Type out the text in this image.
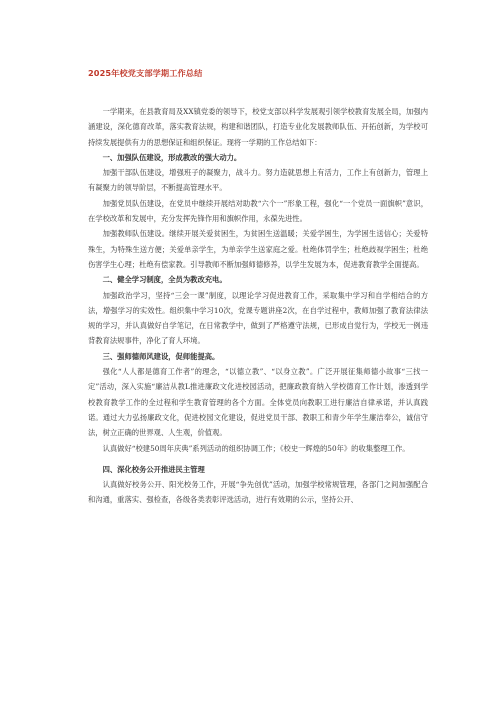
2025年校党支部学期工作总结

一学期来，在县教育局及XX镇党委的领导下，校党支部以科学发展观引领学校教育发展全局，加强内涵建设，深化德育改革，落实教育法规，构建和谐团队，打造专业化发展教师队伍、开拓创新，为学校可持续发展提供有力的思想保证和组织保证。现将一学期的工作总结如下：

一、加强队伍建设，形成教改的强大动力。

加强干部队伍建设，增强班子的凝聚力，战斗力。努力造就思想上有活力，工作上有创新力，管理上有凝聚力的领导阶层，不断提高管理水平。

加强党员队伍建设，在党员中继续开展结对助教“六个一”形象工程，强化“一个党员一面旗帜”意识，在学校改革和发展中，充分发挥先锋作用和旗帜作用，永葆先进性。

加强教师队伍建设。继续开展关爱贫困生，为贫困生送温暖；关爱学困生，为学困生送信心；关爱特殊生，为特殊生送方便；关爱单亲学生，为单亲学生送家庭之爱。杜绝体罚学生；杜绝歧视学困生；杜绝伤害学生心理；杜绝有偿家教。引导教师不断加强师德修养，以学生发展为本，促进教育教学全面提高。

二、健全学习制度，全员为教改充电。

加强政治学习，坚持“三会一课”制度，以理论学习促进教育工作，采取集中学习和自学相结合的方法，增强学习的实效性。组织集中学习10次，党课专题讲座2次，在自学过程中，教师加强了教育法律法规的学习，并认真做好自学笔记，在日常教学中，做到了严格遵守法规，已形成自觉行为，学校无一例违背教育法规事件，净化了育人环境。

三、强师德师风建设，促师能提高。

强化“人人都是德育工作者”的理念，“以德立教”、“以身立教”。广泛开展征集师德小故事“三找一定”活动，深入实施“廉洁从教L推进廉政文化进校园活动，把廉政教育纳入学校德育工作计划，渗透到学校教育教学工作的全过程和学生教育管理的各个方面。全体党员向教职工进行廉洁自律承诺，并认真践诺。通过大力弘扬廉政文化，促进校园文化建设，促进党员干部、教职工和青少年学生廉洁奉公，诚信守法，树立正确的世界观、人生观，价值观。

认真做好“校建50周年庆典”系列活动的组织协调工作；《校史一辉煌的50年》的收集整理工作。

四、深化校务公开推进民主管理

认真做好校务公开、阳光校务工作，开展“争先创优”活动，加强学校常规管理，各部门之间加强配合和沟通，重落实、强检查，各级各类表彰评选活动，进行有效期的公示，坚持公开、
